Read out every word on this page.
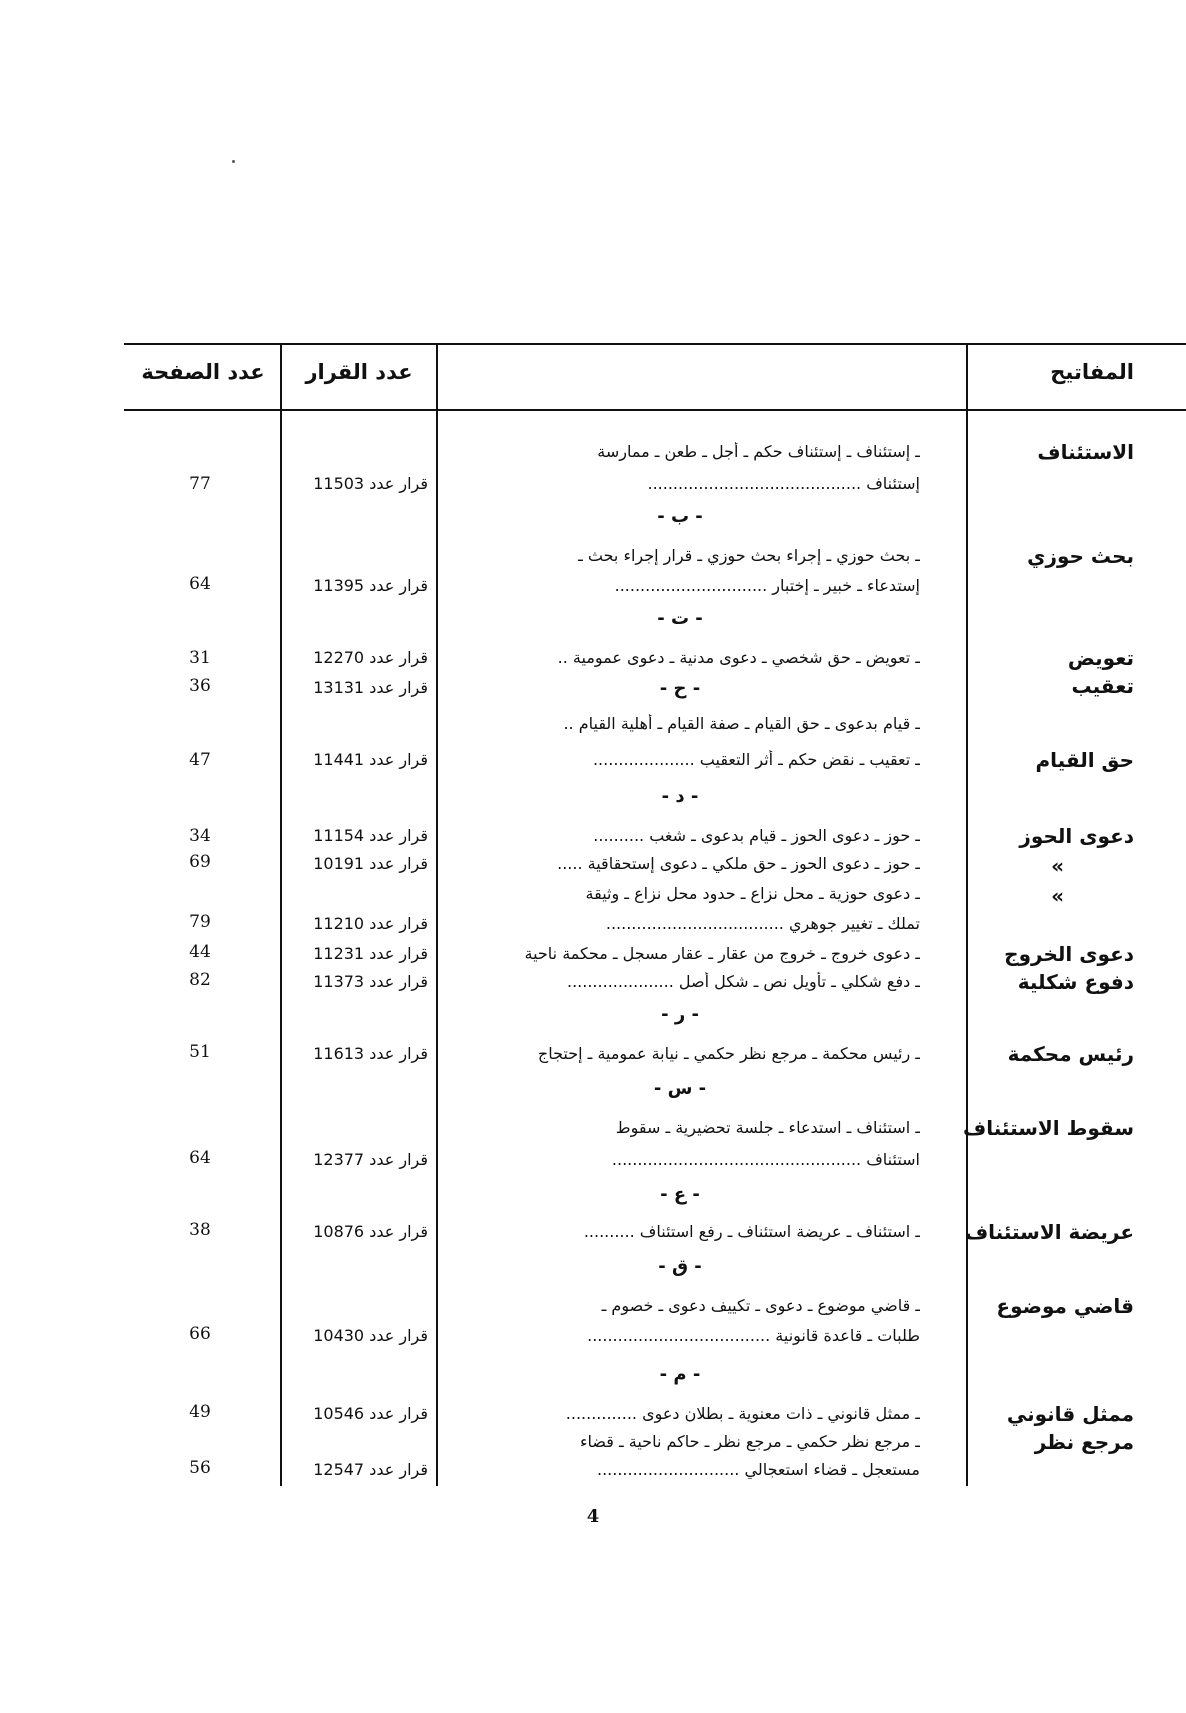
عدد الصفحة	عدد القرار	المفاتيح
الاستئناف
ـ إستئناف ـ إستئناف حكم ـ أجل ـ طعن ـ ممارسة
إستئناف ..........................................
قرار عدد 11503
77
- ب -
بحث حوزي
ـ بحث حوزي ـ إجراء بحث حوزي ـ قرار إجراء بحث ـ
إستدعاء ـ خبير ـ إختبار ..............................
قرار عدد 11395
64
- ت -
تعويض
ـ تعويض ـ حق شخصي ـ دعوى مدنية ـ دعوى عمومية ..
قرار عدد 12270
31
تعقيب
- ح -
قرار عدد 13131
36
ـ قيام بدعوى ـ حق القيام ـ صفة القيام ـ أهلية القيام ..
حق القيام
ـ تعقيب ـ نقض حكم ـ أثر التعقيب ....................
قرار عدد 11441
47
- د -
دعوى الحوز
ـ حوز ـ دعوى الحوز ـ قيام بدعوى ـ شغب ..........
قرار عدد 11154
34
»
ـ حوز ـ دعوى الحوز ـ حق ملكي ـ دعوى إستحقاقية .....
قرار عدد 10191
69
»
ـ دعوى حوزية ـ محل نزاع ـ حدود محل نزاع ـ وثيقة
تملك ـ تغيير جوهري ...................................
قرار عدد 11210
79
دعوى الخروج
ـ دعوى خروج ـ خروج من عقار ـ عقار مسجل ـ محكمة ناحية
قرار عدد 11231
44
دفوع شكلية
ـ دفع شكلي ـ تأويل نص ـ شكل أصل .....................
قرار عدد 11373
82
- ر -
رئيس محكمة
ـ رئيس محكمة ـ مرجع نظر حكمي ـ نيابة عمومية ـ إحتجاج
قرار عدد 11613
51
- س -
سقوط الاستئناف
ـ استئناف ـ استدعاء ـ جلسة تحضيرية ـ سقوط
استئناف .................................................
قرار عدد 12377
64
- ع -
عريضة الاستئناف
ـ استئناف ـ عريضة استئناف ـ رفع استئناف ..........
قرار عدد 10876
38
- ق -
قاضي موضوع
ـ قاضي موضوع ـ دعوى ـ تكييف دعوى ـ خصوم ـ
طلبات ـ قاعدة قانونية ....................................
قرار عدد 10430
66
- م -
ممثل قانوني
ـ ممثل قانوني ـ ذات معنوية ـ بطلان دعوى ..............
قرار عدد 10546
49
مرجع نظر
ـ مرجع نظر حكمي ـ مرجع نظر ـ حاكم ناحية ـ قضاء
مستعجل ـ قضاء استعجالي ............................
قرار عدد 12547
56
4
